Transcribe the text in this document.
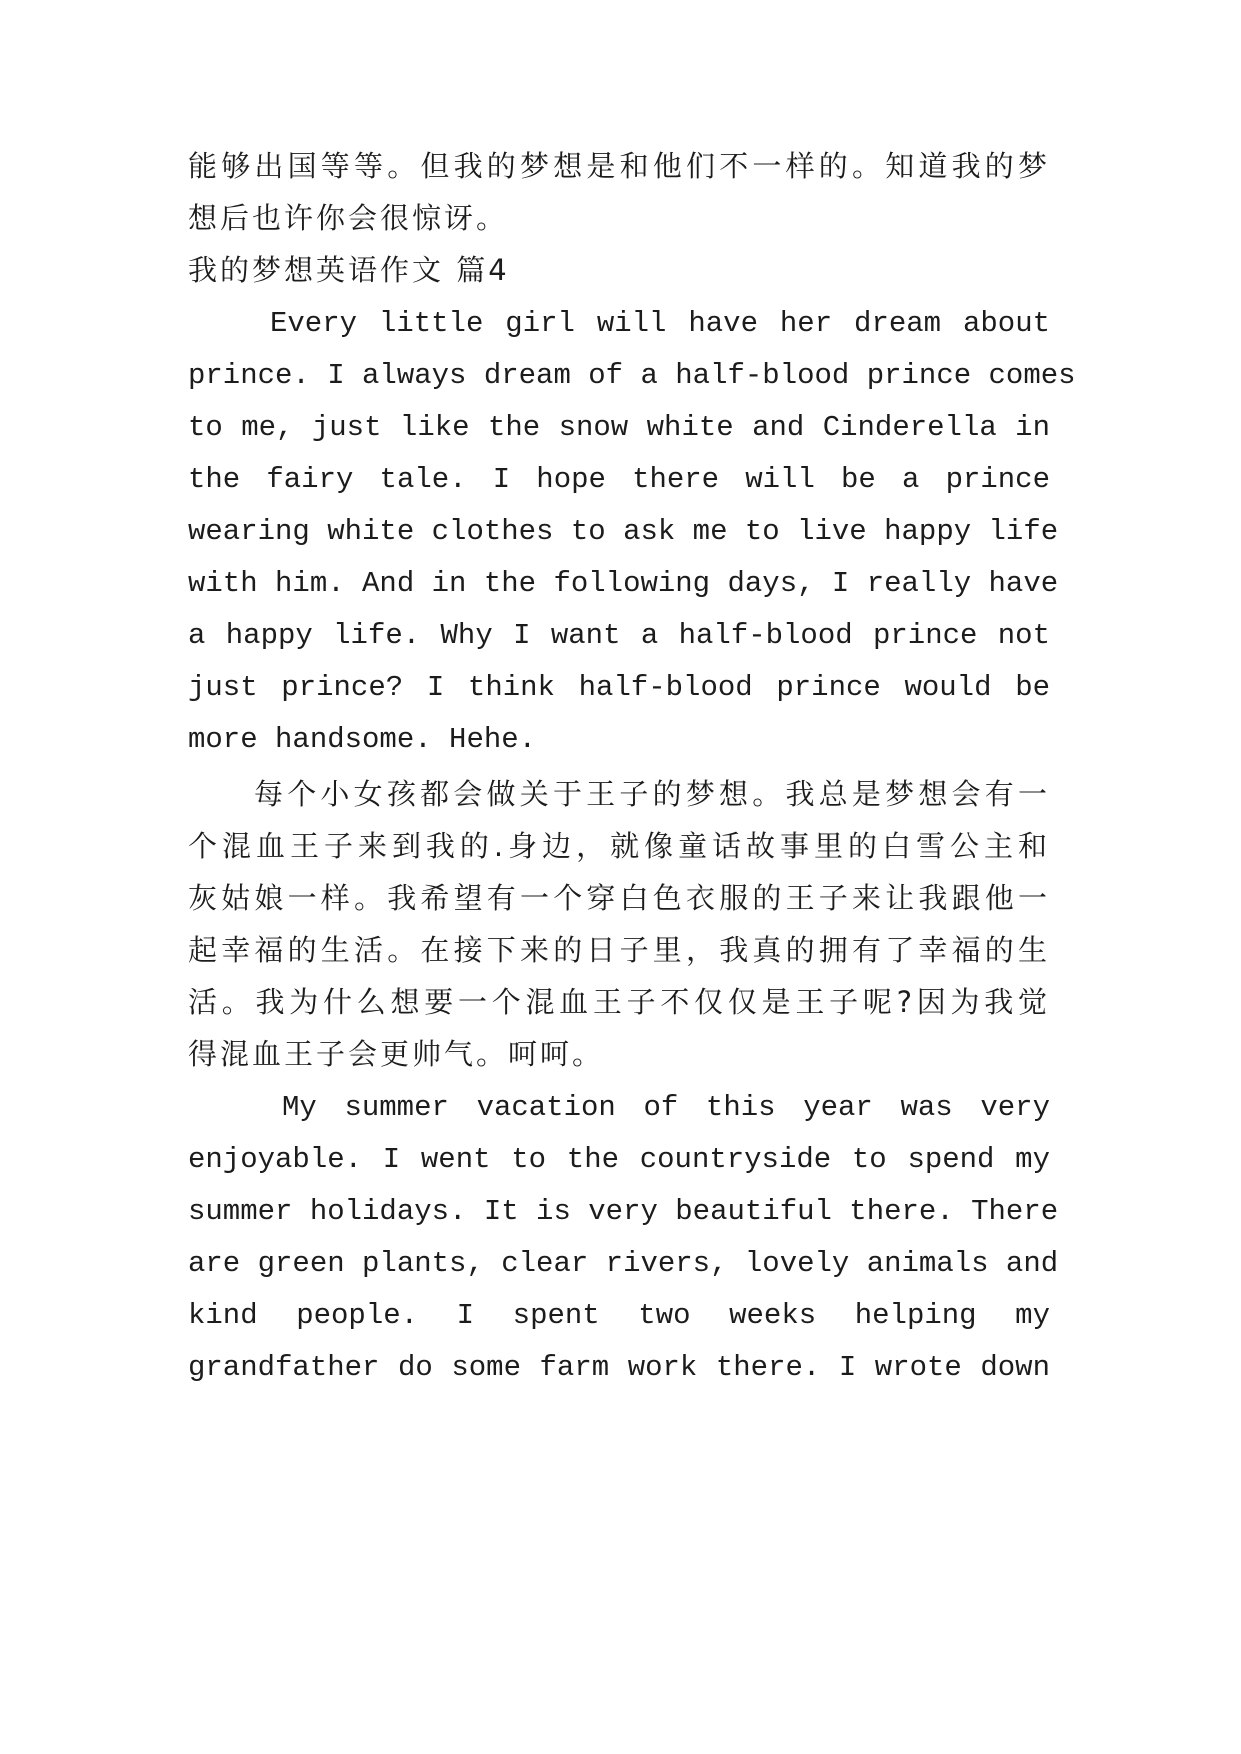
能够出国等等。但我的梦想是和他们不一样的。知道我的梦
想后也许你会很惊讶。
我的梦想英语作文 篇4
Every little girl will have her dream about
prince. I always dream of a half-blood prince comes
to me, just like the snow white and Cinderella in
the fairy tale. I hope there will be a prince
wearing white clothes to ask me to live happy life
with him. And in the following days, I really have
a happy life. Why I want a half-blood prince not
just prince? I think half-blood prince would be
more handsome. Hehe.
每个小女孩都会做关于王子的梦想。我总是梦想会有一
个混血王子来到我的.身边，就像童话故事里的白雪公主和
灰姑娘一样。我希望有一个穿白色衣服的王子来让我跟他一
起幸福的生活。在接下来的日子里，我真的拥有了幸福的生
活。我为什么想要一个混血王子不仅仅是王子呢?因为我觉
得混血王子会更帅气。呵呵。
My summer vacation of this year was very
enjoyable. I went to the countryside to spend my
summer holidays. It is very beautiful there. There
are green plants, clear rivers, lovely animals and
kind people. I spent two weeks helping my
grandfather do some farm work there. I wrote down
